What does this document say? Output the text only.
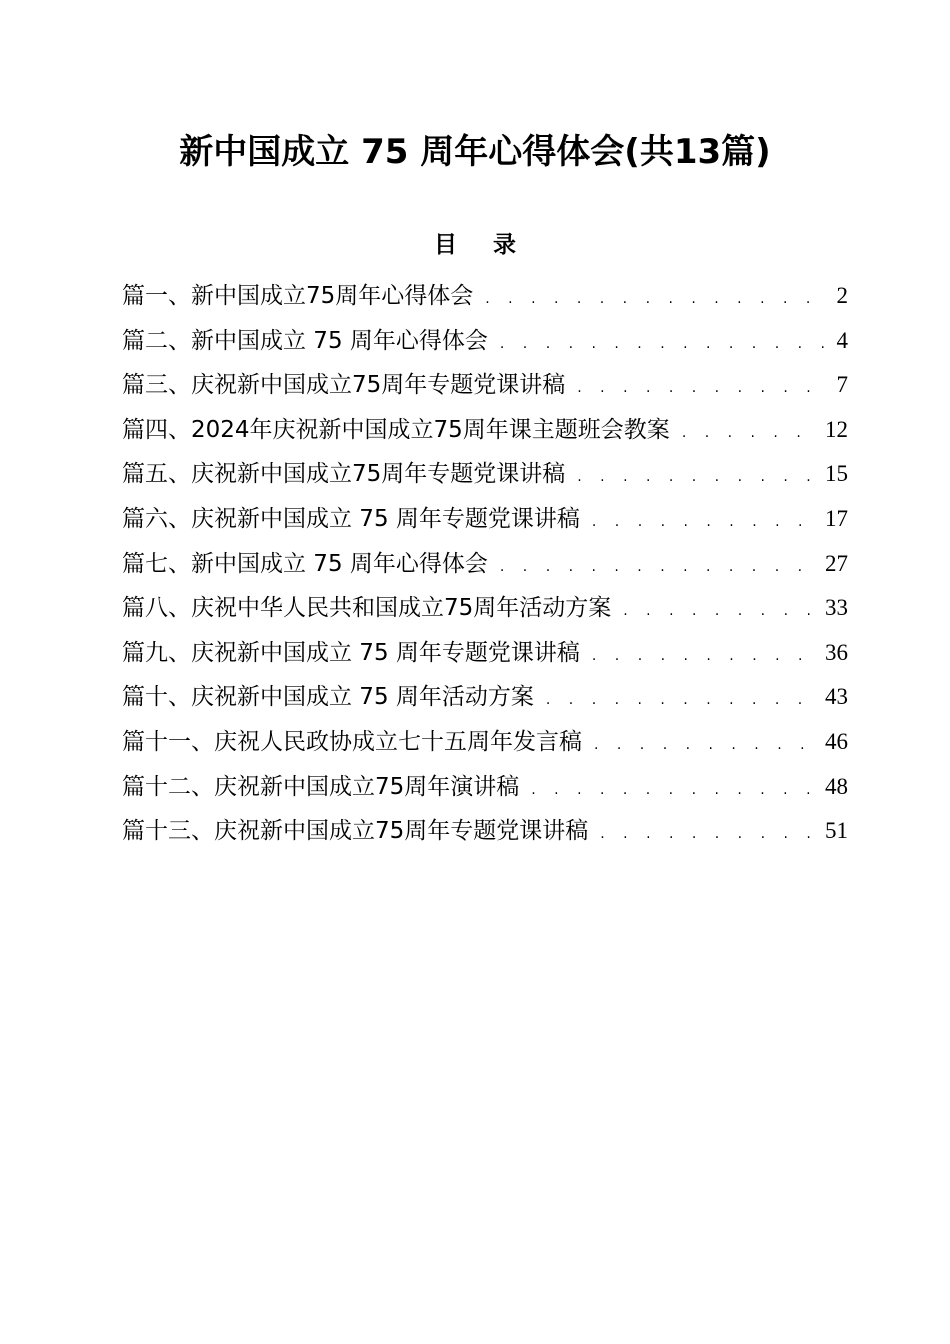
新中国成立 75 周年心得体会(共13篇)
目 录
篇一、新中国成立75周年心得体会 . . .	2
篇二、新中国成立 75 周年心得体会 . . .	4
篇三、庆祝新中国成立75周年专题党课讲稿 . . .	7
篇四、2024年庆祝新中国成立75周年课主题班会教案 . . .	12
篇五、庆祝新中国成立75周年专题党课讲稿 . . .	15
篇六、庆祝新中国成立 75 周年专题党课讲稿 . . .	17
篇七、新中国成立 75 周年心得体会 . . .	27
篇八、庆祝中华人民共和国成立75周年活动方案 . . .	33
篇九、庆祝新中国成立 75 周年专题党课讲稿 . . .	36
篇十、庆祝新中国成立 75 周年活动方案 . . .	43
篇十一、庆祝人民政协成立七十五周年发言稿 . . .	46
篇十二、庆祝新中国成立75周年演讲稿 . . .	48
篇十三、庆祝新中国成立75周年专题党课讲稿 . . .	51
